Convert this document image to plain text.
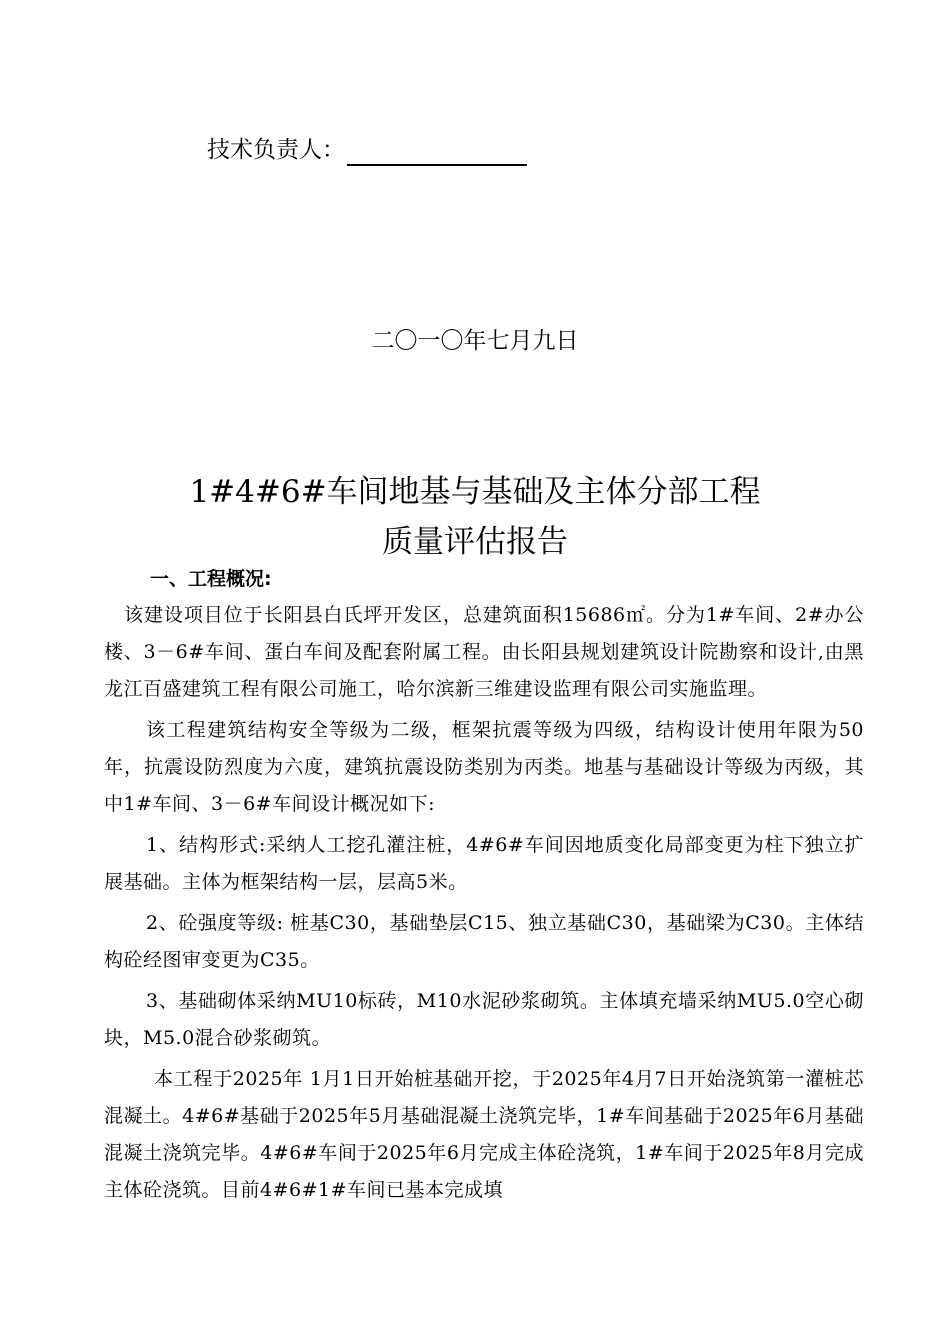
技术负责人：
二〇一〇年七月九日
1#4#6#车间地基与基础及主体分部工程
质量评估报告
一、工程概况:

该建设项目位于长阳县白氏坪开发区，总建筑面积15686㎡。分为1#车间、2#办公楼、3－6#车间、蛋白车间及配套附属工程。由长阳县规划建筑设计院勘察和设计,由黑龙江百盛建筑工程有限公司施工，哈尔滨新三维建设监理有限公司实施监理。

该工程建筑结构安全等级为二级，框架抗震等级为四级，结构设计使用年限为50年，抗震设防烈度为六度，建筑抗震设防类别为丙类。地基与基础设计等级为丙级，其中1#车间、3－6#车间设计概况如下:

1、结构形式:采纳人工挖孔灌注桩，4#6#车间因地质变化局部变更为柱下独立扩展基础。主体为框架结构一层，层高5米。

2、砼强度等级: 桩基C30，基础垫层C15、独立基础C30，基础梁为C30。主体结构砼经图审变更为C35。

3、基础砌体采纳MU10标砖，M10水泥砂浆砌筑。主体填充墙采纳MU5.0空心砌块，M5.0混合砂浆砌筑。

本工程于2025年 1月1日开始桩基础开挖，于2025年4月7日开始浇筑第一灌桩芯混凝土。4#6#基础于2025年5月基础混凝土浇筑完毕，1#车间基础于2025年6月基础混凝土浇筑完毕。4#6#车间于2025年6月完成主体砼浇筑，1#车间于2025年8月完成主体砼浇筑。目前4#6#1#车间已基本完成填
